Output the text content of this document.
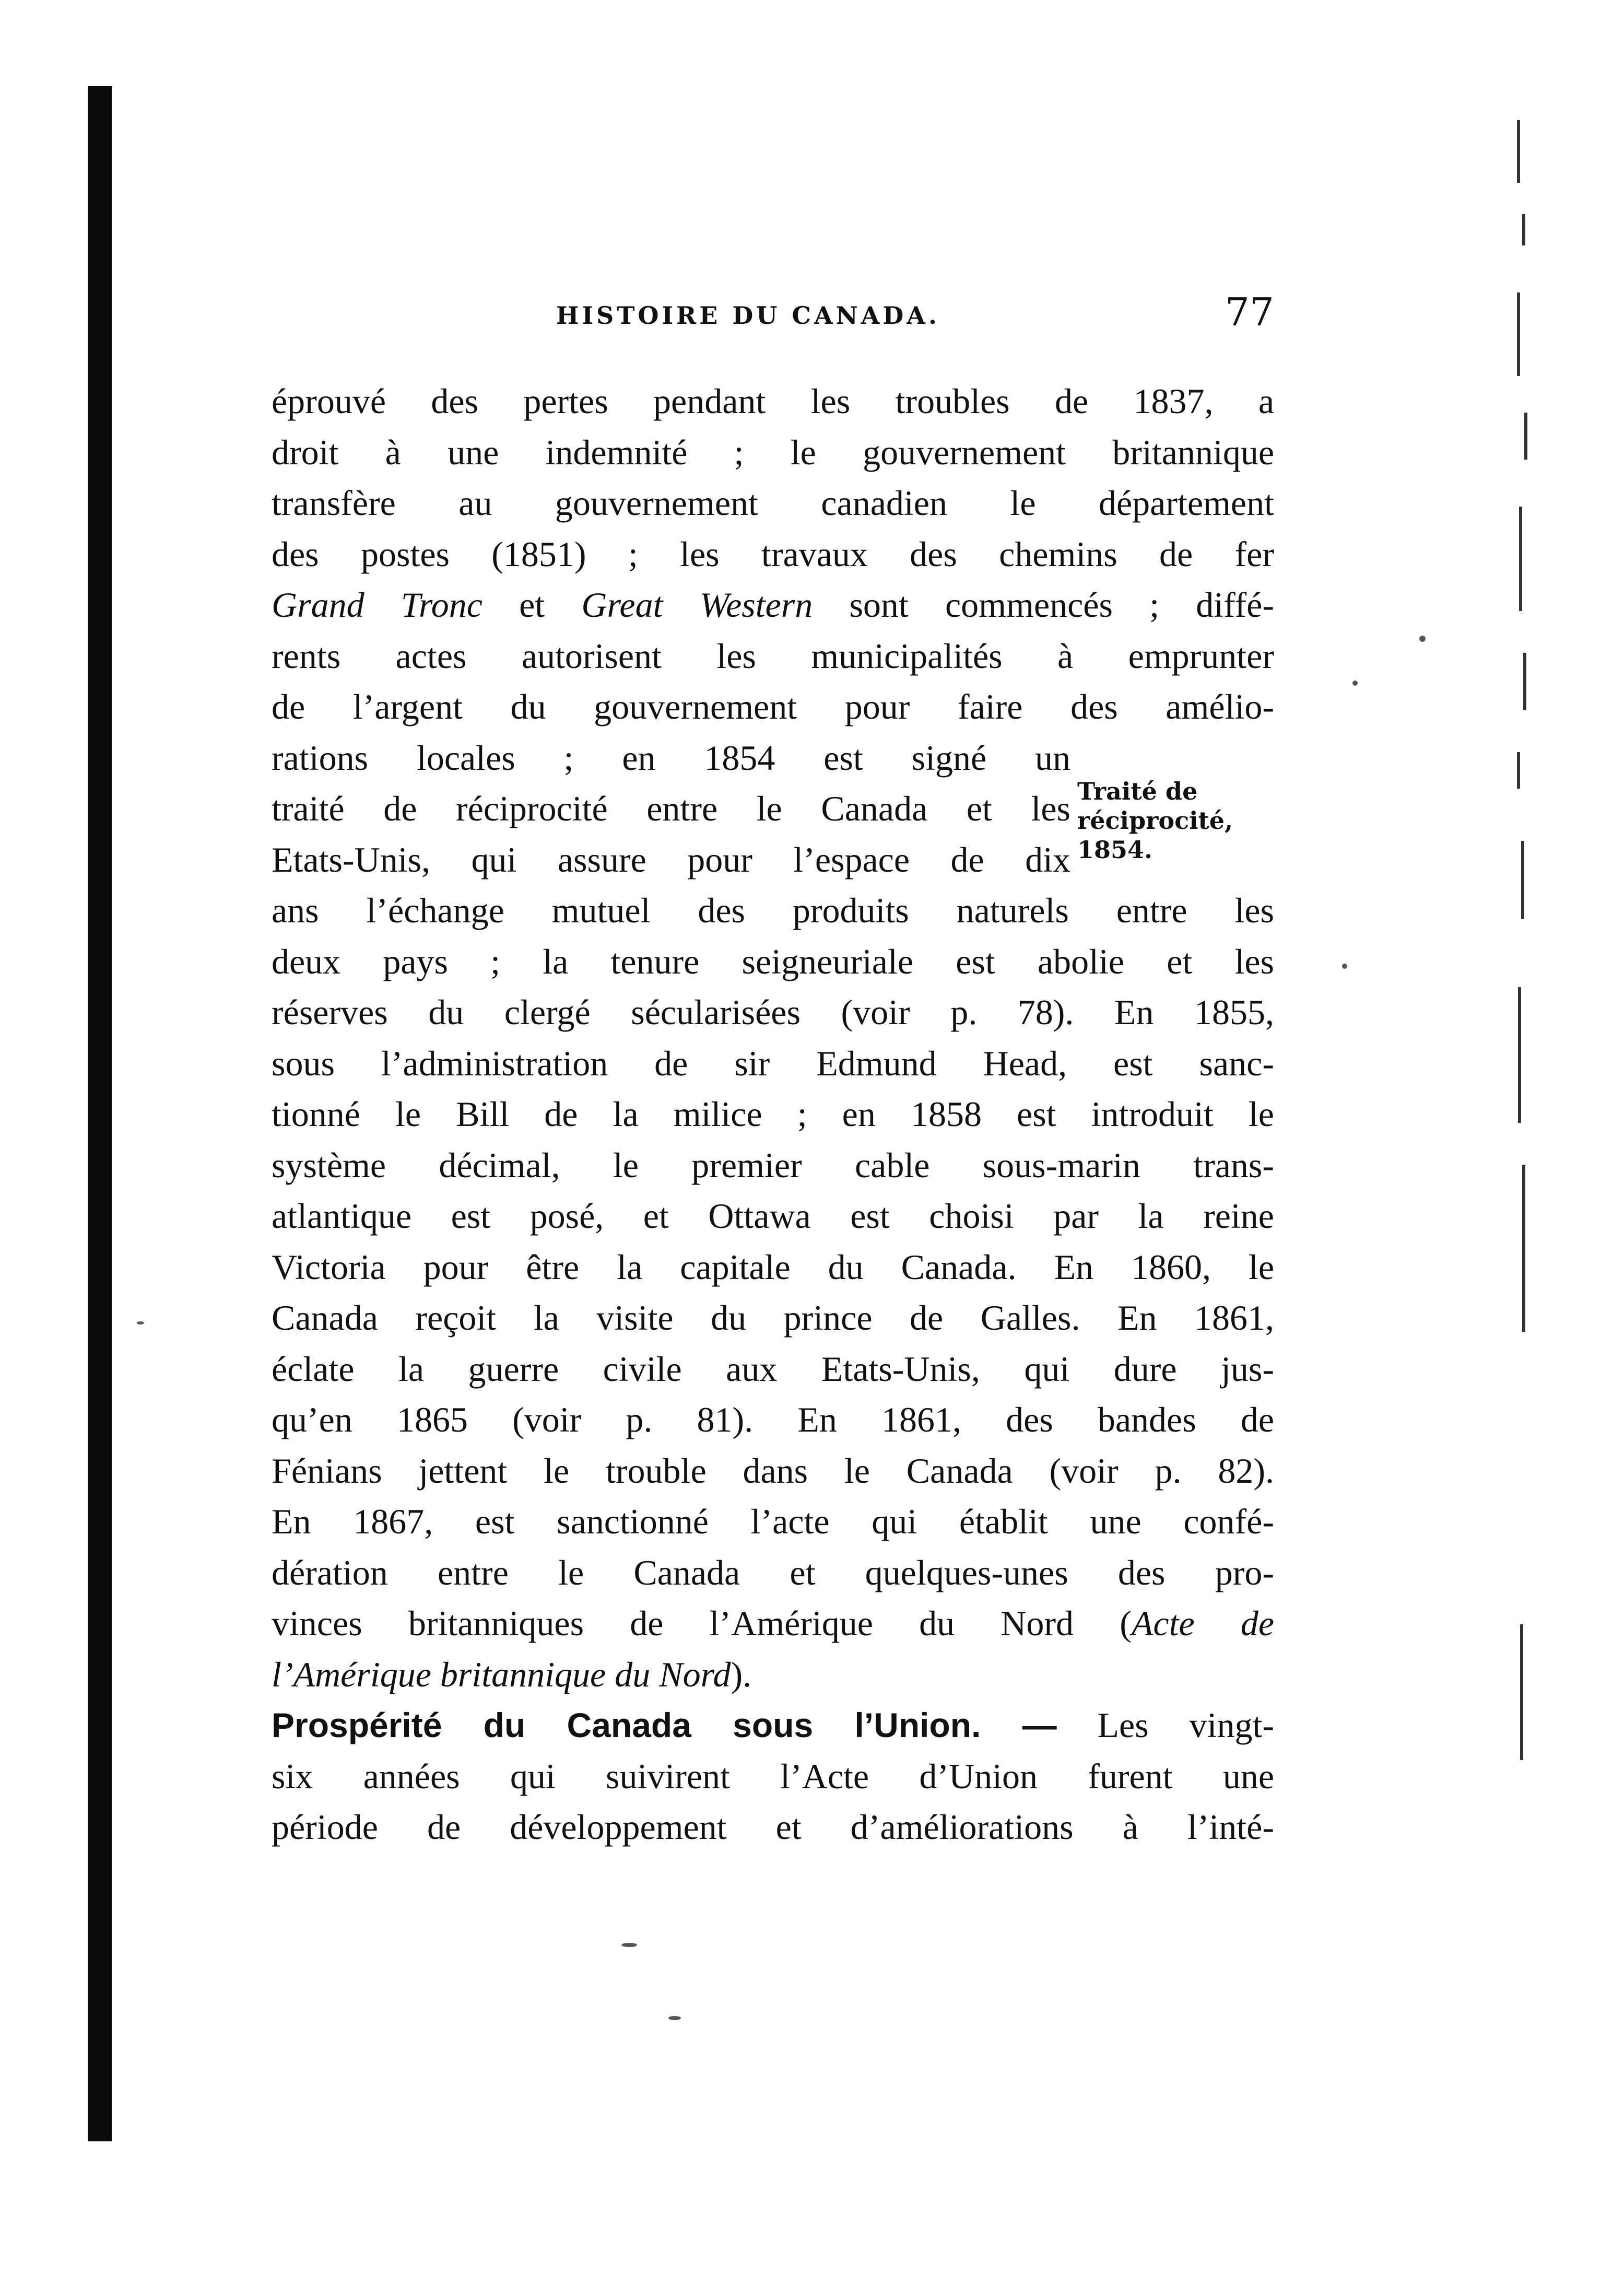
HISTOIRE DU CANADA.	77
Traité de
réciprocité,
1854.
éprouvé des pertes pendant les troubles de 1837, a
droit à une indemnité ; le gouvernement britannique
transfère au gouvernement canadien le département
des postes (1851) ; les travaux des chemins de fer
Grand Tronc et Great Western sont commencés ; diffé-
rents actes autorisent les municipalités à emprunter
de l’argent du gouvernement pour faire des amélio-
rations locales ; en 1854 est signé un
traité de réciprocité entre le Canada et les
Etats-Unis, qui assure pour l’espace de dix
ans l’échange mutuel des produits naturels entre les
deux pays ; la tenure seigneuriale est abolie et les
réserves du clergé sécularisées (voir p. 78). En 1855,
sous l’administration de sir Edmund Head, est sanc-
tionné le Bill de la milice ; en 1858 est introduit le
système décimal, le premier cable sous-marin trans-
atlantique est posé, et Ottawa est choisi par la reine
Victoria pour être la capitale du Canada. En 1860, le
Canada reçoit la visite du prince de Galles. En 1861,
éclate la guerre civile aux Etats-Unis, qui dure jus-
qu’en 1865 (voir p. 81). En 1861, des bandes de
Fénians jettent le trouble dans le Canada (voir p. 82).
En 1867, est sanctionné l’acte qui établit une confé-
dération entre le Canada et quelques-unes des pro-
vinces britanniques de l’Amérique du Nord (Acte de
l’Amérique britannique du Nord).
Prospérité du Canada sous l’Union. — Les vingt-
six années qui suivirent l’Acte d’Union furent une
période de développement et d’améliorations à l’inté-
